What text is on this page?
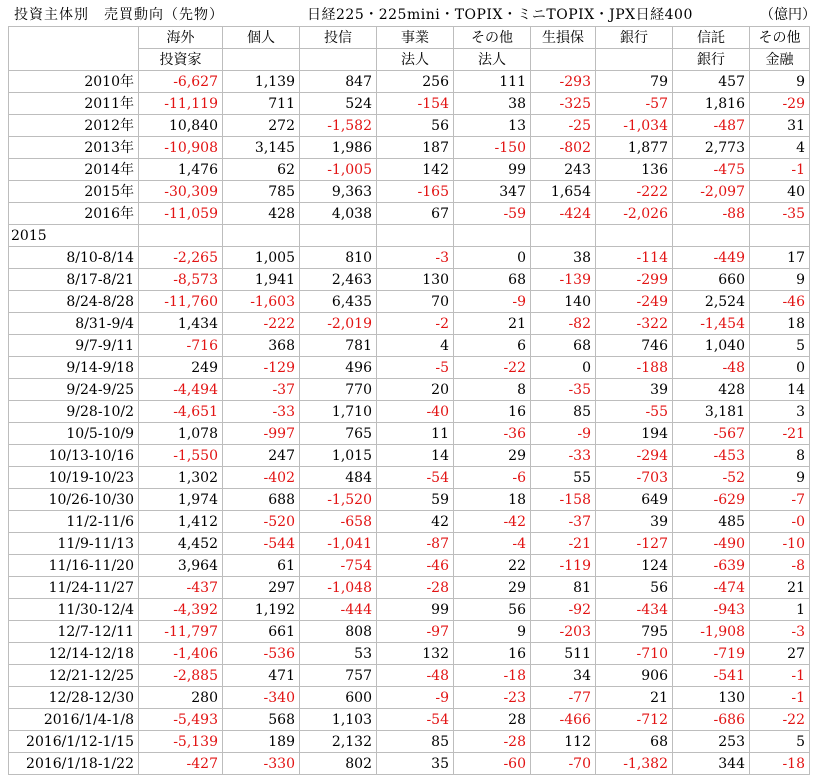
投資主体別　売買動向（先物）	日経225・225mini・TOPIX・ミニTOPIX・JPX日経400	（億円）
	海外	個人	投信	事業	その他	生損保	銀行	信託	その他
	投資家			法人	法人			銀行	金融
2010年	-6,627	1,139	847	256	111	-293	79	457	9
2011年	-11,119	711	524	-154	38	-325	-57	1,816	-29
2012年	10,840	272	-1,582	56	13	-25	-1,034	-487	31
2013年	-10,908	3,145	1,986	187	-150	-802	1,877	2,773	4
2014年	1,476	62	-1,005	142	99	243	136	-475	-1
2015年	-30,309	785	9,363	-165	347	1,654	-222	-2,097	40
2016年	-11,059	428	4,038	67	-59	-424	-2,026	-88	-35
2015									
8/10-8/14	-2,265	1,005	810	-3	0	38	-114	-449	17
8/17-8/21	-8,573	1,941	2,463	130	68	-139	-299	660	9
8/24-8/28	-11,760	-1,603	6,435	70	-9	140	-249	2,524	-46
8/31-9/4	1,434	-222	-2,019	-2	21	-82	-322	-1,454	18
9/7-9/11	-716	368	781	4	6	68	746	1,040	5
9/14-9/18	249	-129	496	-5	-22	0	-188	-48	0
9/24-9/25	-4,494	-37	770	20	8	-35	39	428	14
9/28-10/2	-4,651	-33	1,710	-40	16	85	-55	3,181	3
10/5-10/9	1,078	-997	765	11	-36	-9	194	-567	-21
10/13-10/16	-1,550	247	1,015	14	29	-33	-294	-453	8
10/19-10/23	1,302	-402	484	-54	-6	55	-703	-52	9
10/26-10/30	1,974	688	-1,520	59	18	-158	649	-629	-7
11/2-11/6	1,412	-520	-658	42	-42	-37	39	485	-0
11/9-11/13	4,452	-544	-1,041	-87	-4	-21	-127	-490	-10
11/16-11/20	3,964	61	-754	-46	22	-119	124	-639	-8
11/24-11/27	-437	297	-1,048	-28	29	81	56	-474	21
11/30-12/4	-4,392	1,192	-444	99	56	-92	-434	-943	1
12/7-12/11	-11,797	661	808	-97	9	-203	795	-1,908	-3
12/14-12/18	-1,406	-536	53	132	16	511	-710	-719	27
12/21-12/25	-2,885	471	757	-48	-18	34	906	-541	-1
12/28-12/30	280	-340	600	-9	-23	-77	21	130	-1
2016/1/4-1/8	-5,493	568	1,103	-54	28	-466	-712	-686	-22
2016/1/12-1/15	-5,139	189	2,132	85	-28	112	68	253	5
2016/1/18-1/22	-427	-330	802	35	-60	-70	-1,382	344	-18
